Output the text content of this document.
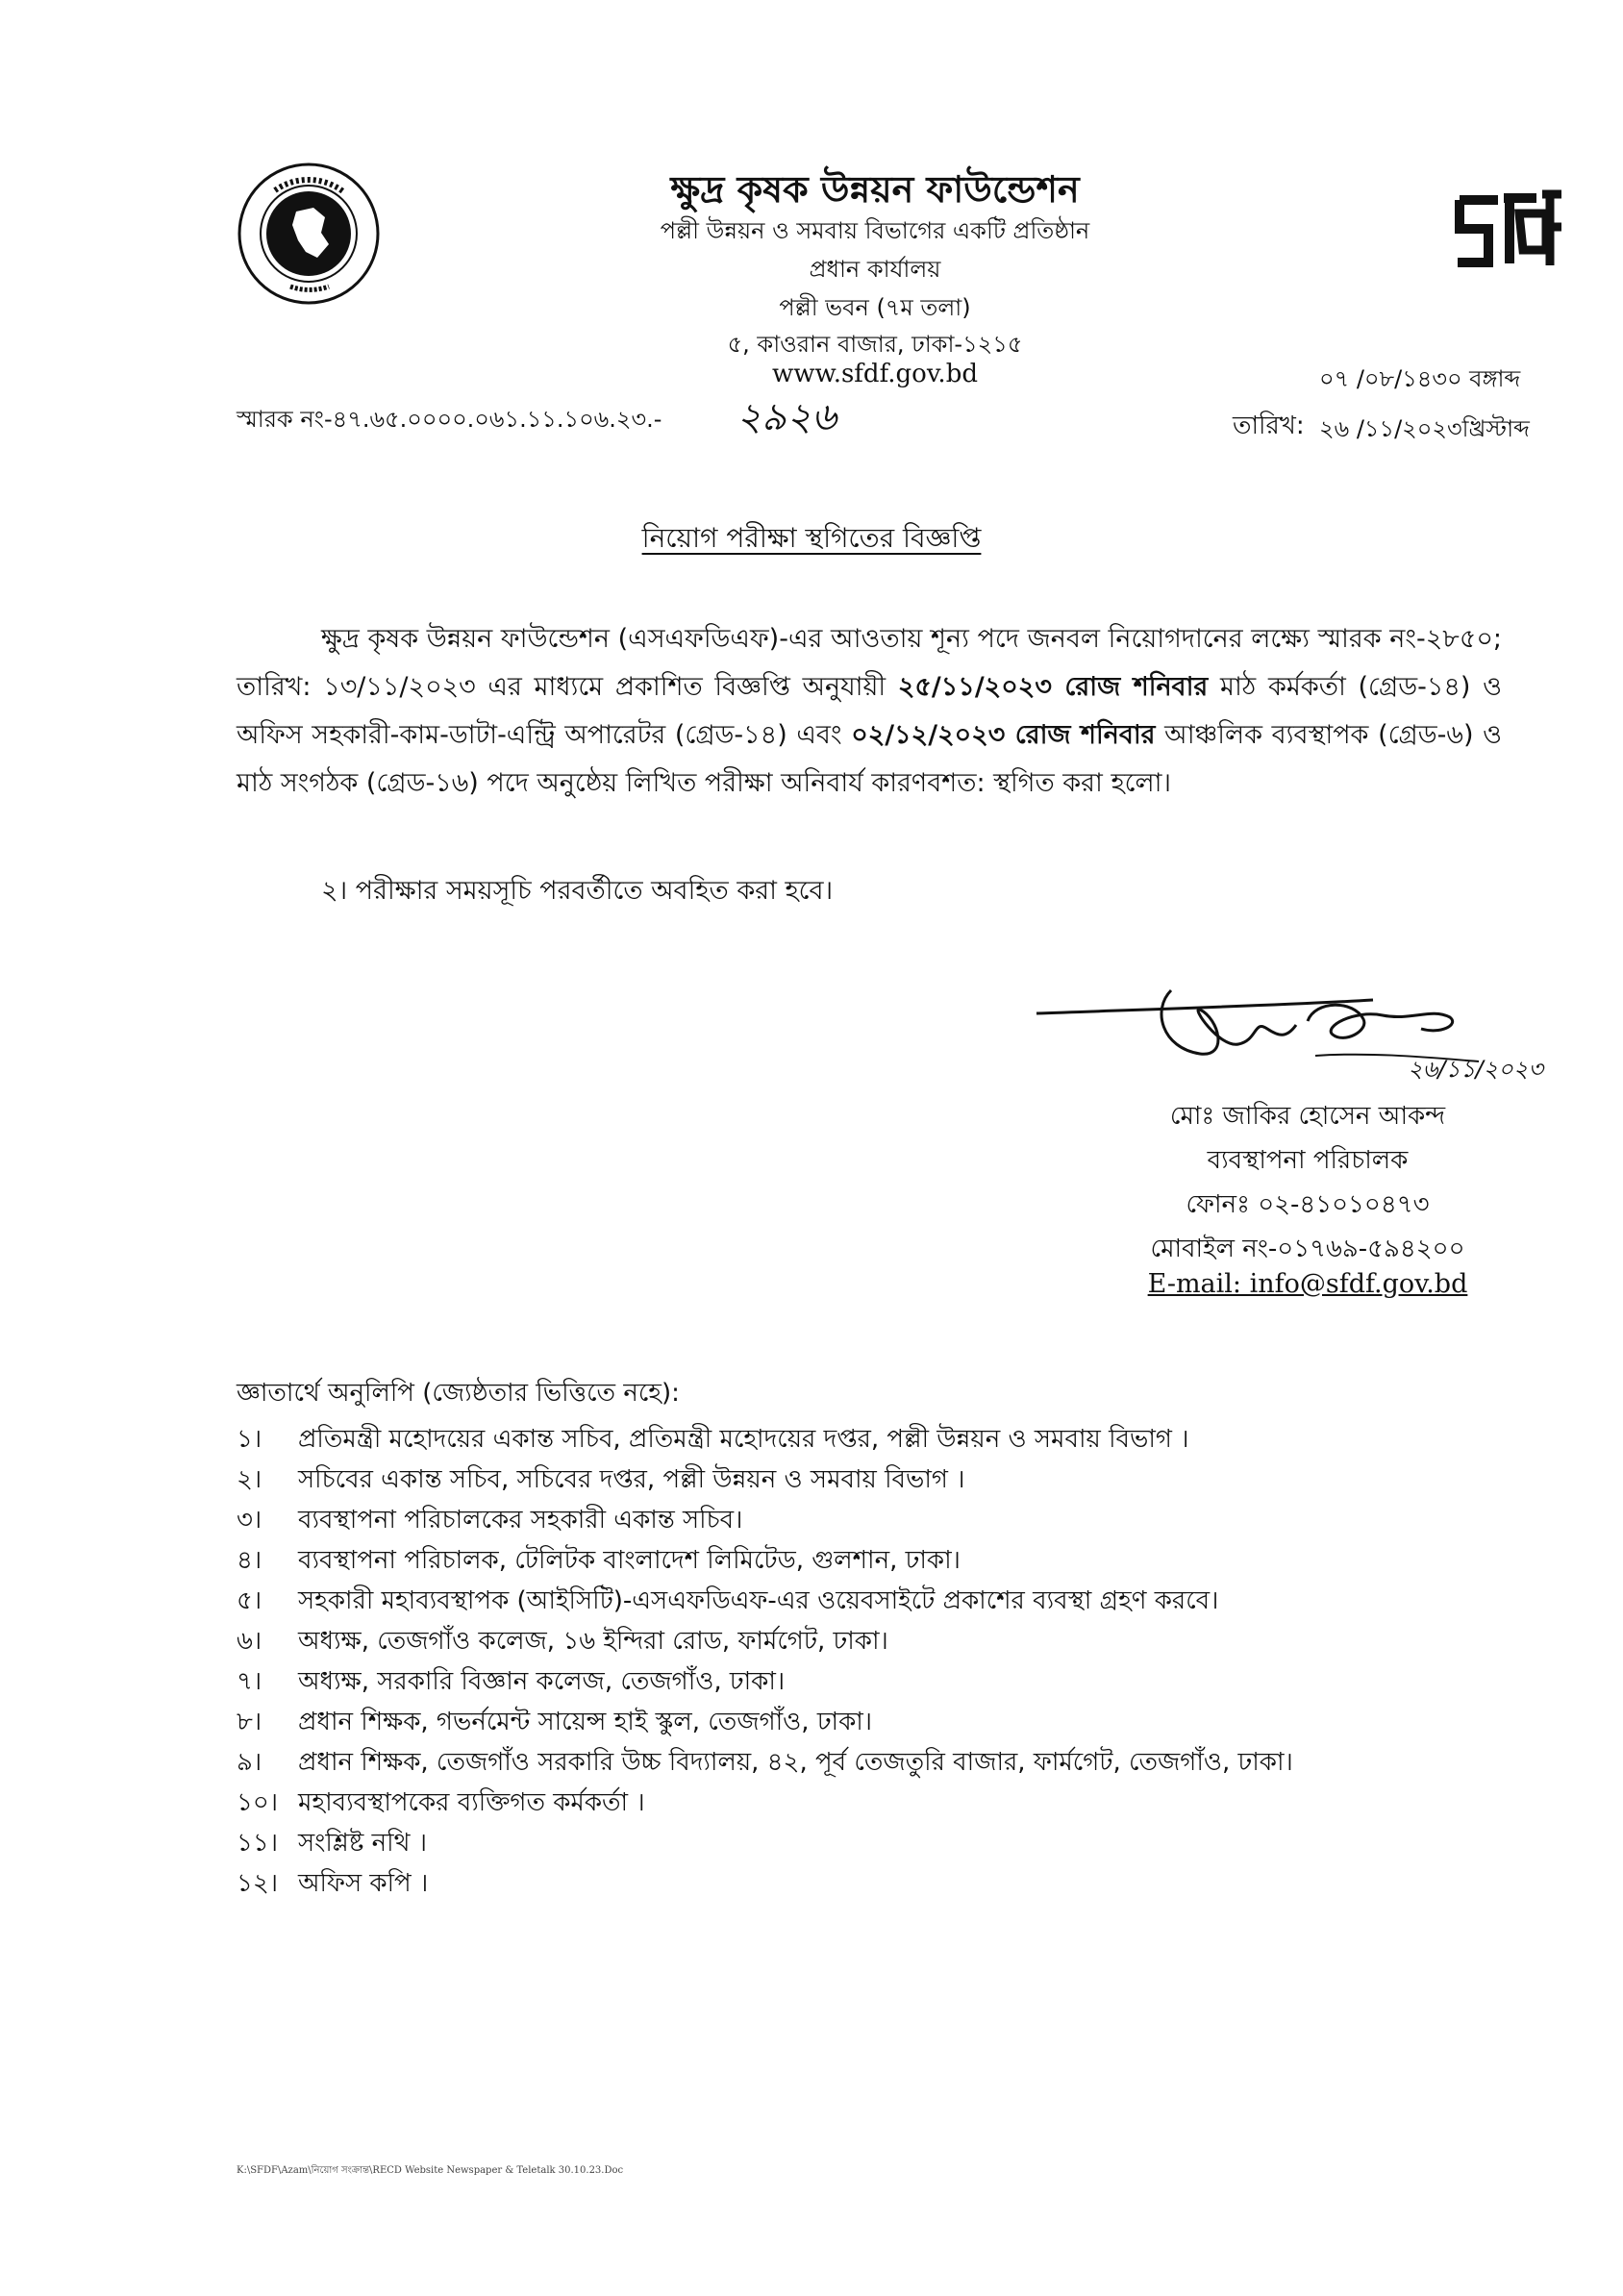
ক্ষুদ্র কৃষক উন্নয়ন ফাউন্ডেশন
পল্লী উন্নয়ন ও সমবায় বিভাগের একটি প্রতিষ্ঠান
প্রধান কার্যালয়
পল্লী ভবন (৭ম তলা)
৫, কাওরান বাজার, ঢাকা-১২১৫
www.sfdf.gov.bd
স্মারক নং-৪৭.৬৫.০০০০.০৬১.১১.১০৬.২৩.- ২৯২৬
০৭ /০৮/১৪৩০ বঙ্গাব্দ
তারিখ: ২৬ /১১/২০২৩খ্রিস্টাব্দ
নিয়োগ পরীক্ষা স্থগিতের বিজ্ঞপ্তি
ক্ষুদ্র কৃষক উন্নয়ন ফাউন্ডেশন (এসএফডিএফ)-এর আওতায় শূন্য পদে জনবল নিয়োগদানের লক্ষ্যে স্মারক নং-২৮৫০; তারিখ: ১৩/১১/২০২৩ এর মাধ্যমে প্রকাশিত বিজ্ঞপ্তি অনুযায়ী ২৫/১১/২০২৩ রোজ শনিবার মাঠ কর্মকর্তা (গ্রেড-১৪) ও অফিস সহকারী-কাম-ডাটা-এন্ট্রি অপারেটর (গ্রেড-১৪) এবং ০২/১২/২০২৩ রোজ শনিবার আঞ্চলিক ব্যবস্থাপক (গ্রেড-৬) ও মাঠ সংগঠক (গ্রেড-১৬) পদে অনুষ্ঠেয় লিখিত পরীক্ষা অনিবার্য কারণবশত: স্থগিত করা হলো।
২। পরীক্ষার সময়সূচি পরবর্তীতে অবহিত করা হবে।
২৬/১১/২০২৩
মোঃ জাকির হোসেন আকন্দ
ব্যবস্থাপনা পরিচালক
ফোনঃ ০২-৪১০১০৪৭৩
মোবাইল নং-০১৭৬৯-৫৯৪২০০
E-mail: info@sfdf.gov.bd
জ্ঞাতার্থে অনুলিপি (জ্যেষ্ঠতার ভিত্তিতে নহে):
১।	প্রতিমন্ত্রী মহোদয়ের একান্ত সচিব, প্রতিমন্ত্রী মহোদয়ের দপ্তর, পল্লী উন্নয়ন ও সমবায় বিভাগ ।
২।	সচিবের একান্ত সচিব, সচিবের দপ্তর, পল্লী উন্নয়ন ও সমবায় বিভাগ ।
৩।	ব্যবস্থাপনা পরিচালকের সহকারী একান্ত সচিব।
৪।	ব্যবস্থাপনা পরিচালক, টেলিটক বাংলাদেশ লিমিটেড, গুলশান, ঢাকা।
৫।	সহকারী মহাব্যবস্থাপক (আইসিটি)-এসএফডিএফ-এর ওয়েবসাইটে প্রকাশের ব্যবস্থা গ্রহণ করবে।
৬।	অধ্যক্ষ, তেজগাঁও কলেজ, ১৬ ইন্দিরা রোড, ফার্মগেট, ঢাকা।
৭।	অধ্যক্ষ, সরকারি বিজ্ঞান কলেজ, তেজগাঁও, ঢাকা।
৮।	প্রধান শিক্ষক, গভর্নমেন্ট সায়েন্স হাই স্কুল, তেজগাঁও, ঢাকা।
৯।	প্রধান শিক্ষক, তেজগাঁও সরকারি উচ্চ বিদ্যালয়, ৪২, পূর্ব তেজতুরি বাজার, ফার্মগেট, তেজগাঁও, ঢাকা।
১০। মহাব্যবস্থাপকের ব্যক্তিগত কর্মকর্তা ।
১১। সংশ্লিষ্ট নথি ।
১২। অফিস কপি ।
K:\SFDF\Azam\নিয়োগ সংক্রান্ত\RECD Website Newspaper & Teletalk 30.10.23.Doc
